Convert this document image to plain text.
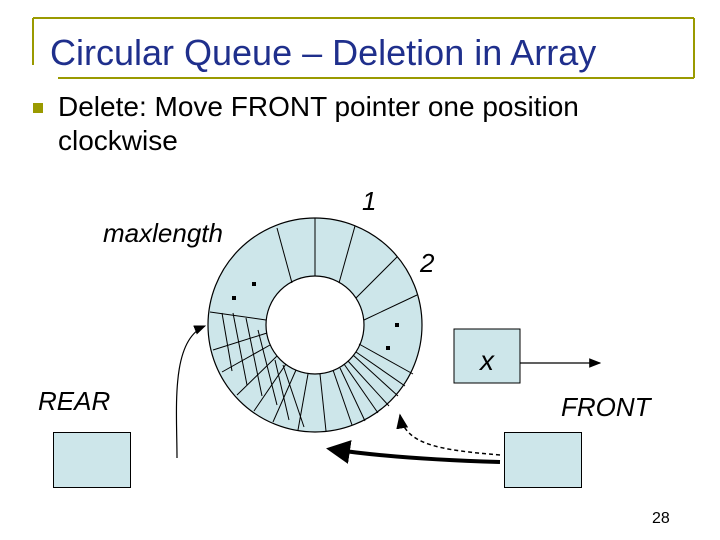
Circular Queue – Deletion in Array
Delete: Move FRONT pointer one position clockwise
1
2
maxlength
x
REAR	FRONT
28
